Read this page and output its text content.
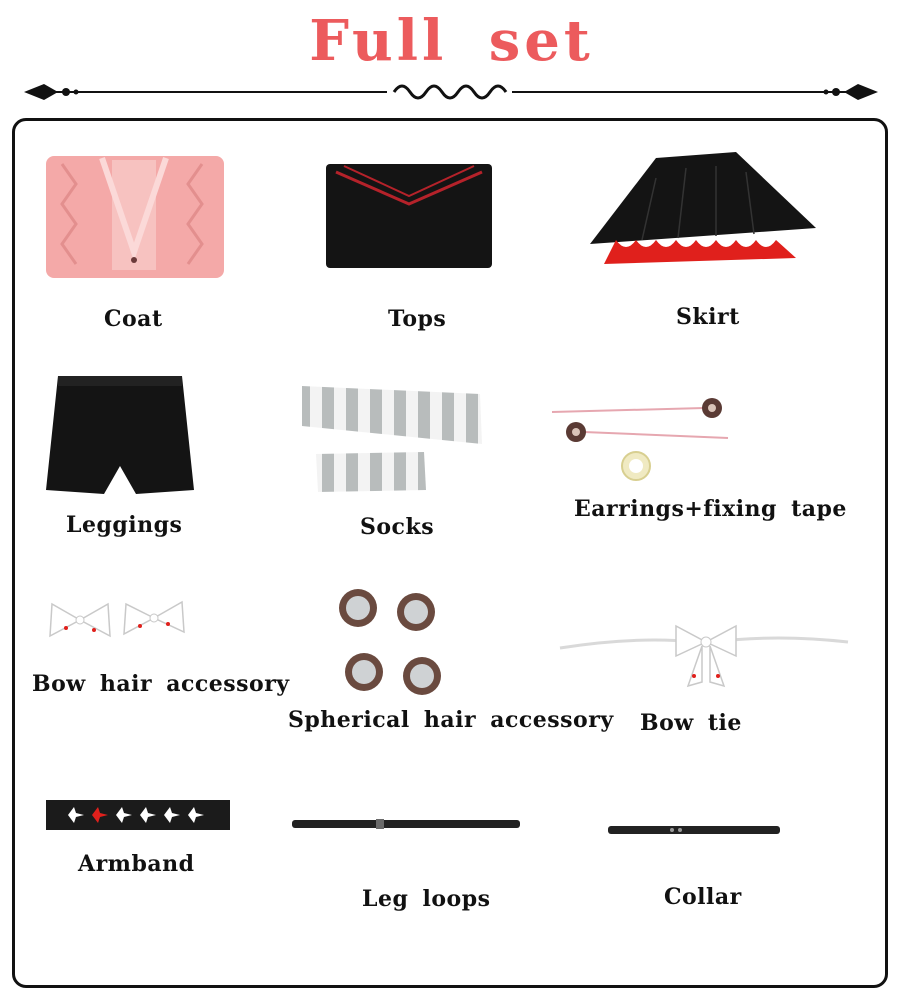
Full set
Coat	Tops	Skirt
Leggings	Socks
Earrings+fixing tape
Bow hair accessory
Spherical hair accessory Bow tie
Armband
Leg loops	Collar
